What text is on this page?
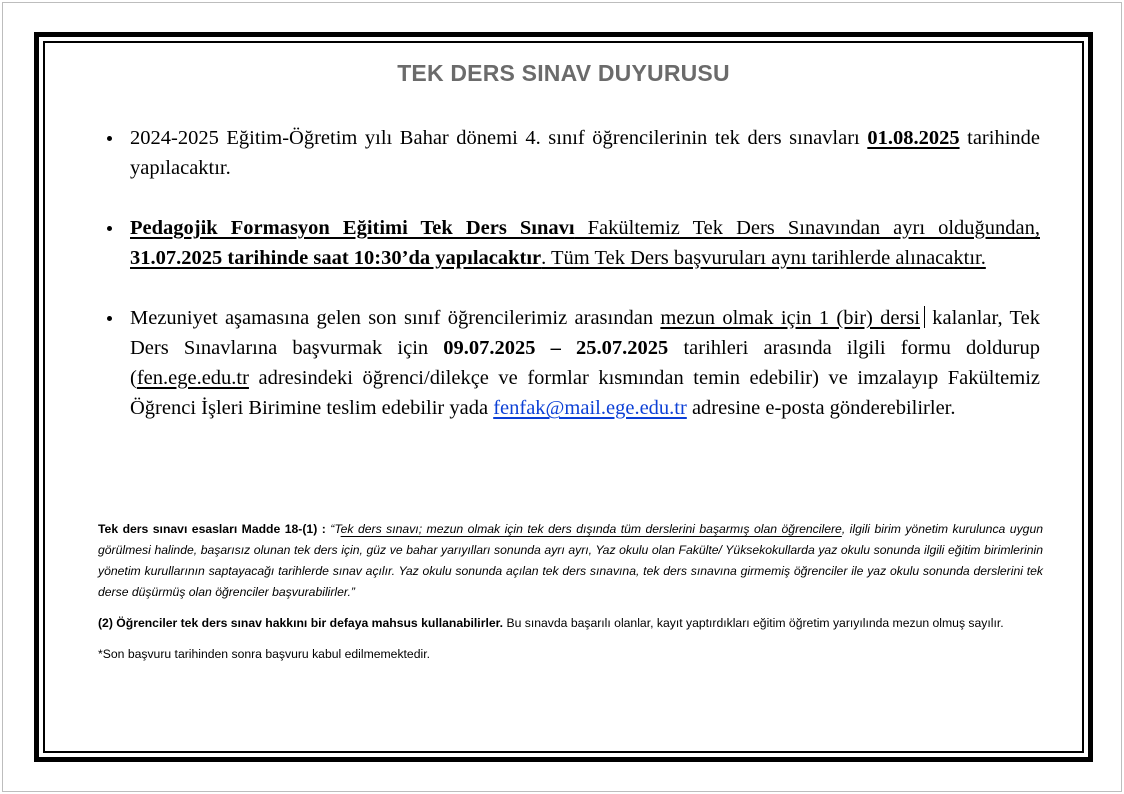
TEK DERS SINAV DUYURUSU
2024-2025 Eğitim-Öğretim yılı Bahar dönemi 4. sınıf öğrencilerinin tek ders sınavları 01.08.2025 tarihinde yapılacaktır.
Pedagojik Formasyon Eğitimi Tek Ders Sınavı Fakültemiz Tek Ders Sınavından ayrı olduğundan, 31.07.2025 tarihinde saat 10:30’da yapılacaktır. Tüm Tek Ders başvuruları aynı tarihlerde alınacaktır.
Mezuniyet aşamasına gelen son sınıf öğrencilerimiz arasından mezun olmak için 1 (bir) dersi kalanlar, Tek Ders Sınavlarına başvurmak için 09.07.2025 – 25.07.2025 tarihleri arasında ilgili formu doldurup (fen.ege.edu.tr adresindeki öğrenci/dilekçe ve formlar kısmından temin edebilir) ve imzalayıp Fakültemiz Öğrenci İşleri Birimine teslim edebilir yada fenfak@mail.ege.edu.tr adresine e-posta gönderebilirler.

Tek ders sınavı esasları Madde 18-(1) : “Tek ders sınavı; mezun olmak için tek ders dışında tüm derslerini başarmış olan öğrencilere, ilgili birim yönetim kurulunca uygun görülmesi halinde, başarısız olunan tek ders için, güz ve bahar yarıyılları sonunda ayrı ayrı, Yaz okulu olan Fakülte/ Yüksekokullarda yaz okulu sonunda ilgili eğitim birimlerinin yönetim kurullarının saptayacağı tarihlerde sınav açılır. Yaz okulu sonunda açılan tek ders sınavına, tek ders sınavına girmemiş öğrenciler ile yaz okulu sonunda derslerini tek derse düşürmüş olan öğrenciler başvurabilirler.”

(2) Öğrenciler tek ders sınav hakkını bir defaya mahsus kullanabilirler. Bu sınavda başarılı olanlar, kayıt yaptırdıkları eğitim öğretim yarıyılında mezun olmuş sayılır.

*Son başvuru tarihinden sonra başvuru kabul edilmemektedir.
